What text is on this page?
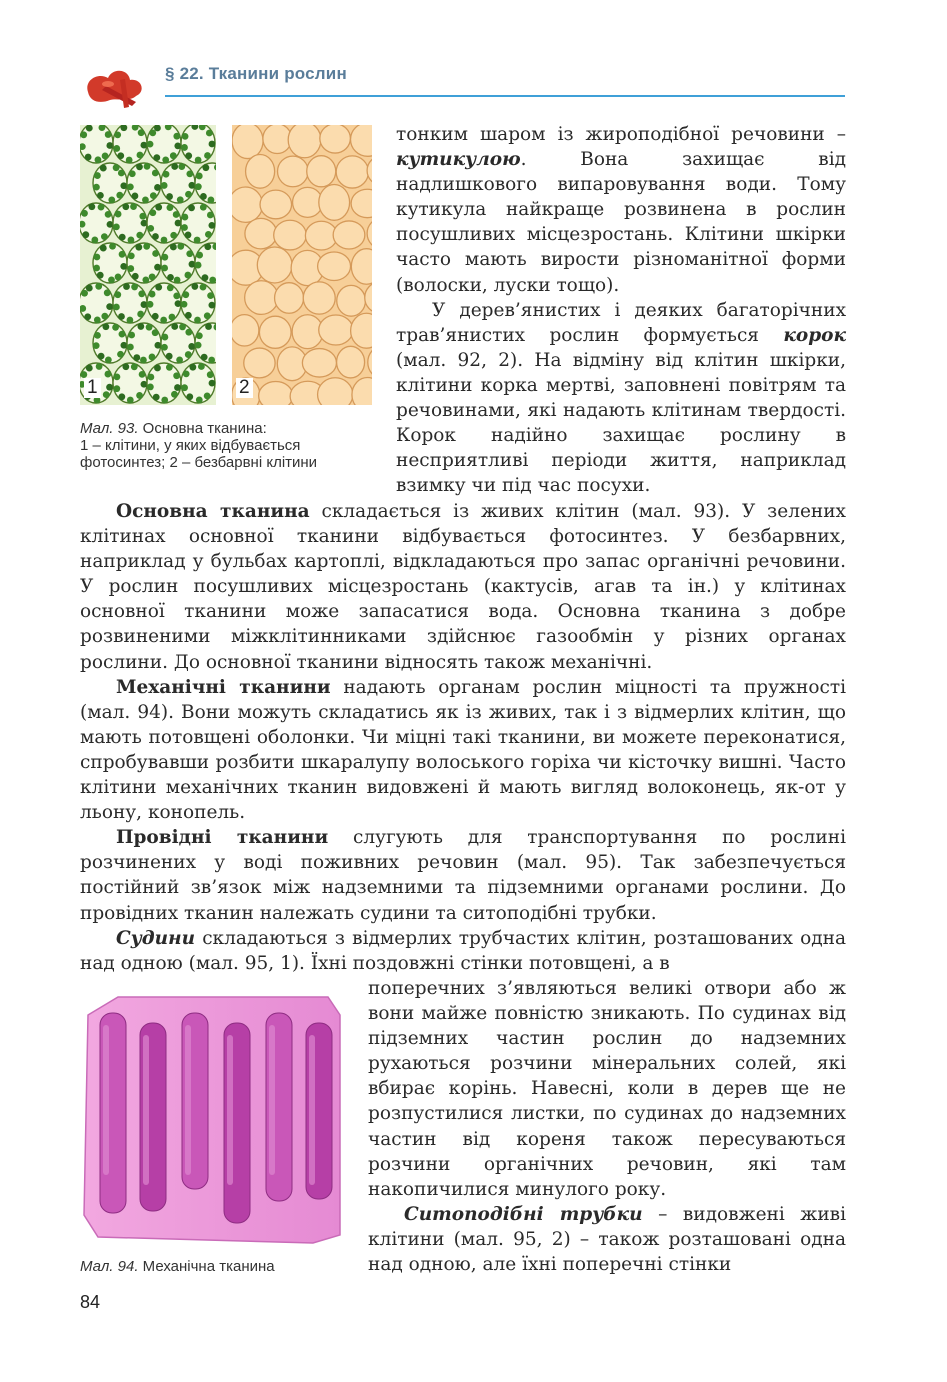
§ 22. Тканини рослин
1	2
Мал. 93. Основна тканина:
1 – клітини, у яких відбувається
фотосинтез; 2 – безбарвні клітини

тонким шаром із жироподібної речовини – кутикулою. Вона захищає від надлишкового випаровування води. Тому кутикула найкраще розвинена в рослин посушливих місцезростань. Клітини шкірки часто мають вирости різноманітної форми (волоски, луски тощо).

У дерев’янистих і деяких багаторічних трав’янистих рослин формується корок (мал. 92, 2). На відміну від клітин шкірки, клітини корка мертві, заповнені повітрям та речовинами, які надають клітинам твердості. Корок надійно захищає рослину в несприятливі періоди життя, наприклад взимку чи під час посухи.

Основна тканина складається із живих клітин (мал. 93). У зелених клітинах основної тканини відбувається фотосинтез. У безбарвних, наприклад у бульбах картоплі, відкладаються про запас органічні речовини. У рослин посушливих місцезростань (кактусів, агав та ін.) у клітинах основної тканини може запасатися вода. Основна тканина з добре розвиненими міжклітинниками здійснює газообмін у різних органах рослини. До основної тканини відносять також механічні.

Механічні тканини надають органам рослин міцності та пружності (мал. 94). Вони можуть складатись як із живих, так і з відмерлих клітин, що мають потовщені оболонки. Чи міцні такі тканини, ви можете переконатися, спробувавши розбити шкаралупу волоського горіха чи кісточку вишні. Часто клітини механічних тканин видовжені й мають вигляд волоконець, як-от у льону, конопель.

Провідні тканини слугують для транспортування по рослині розчинених у воді поживних речовин (мал. 95). Так забезпечується постійний зв’язок між надземними та підземними органами рослини. До провідних тканин належать судини та ситоподібні трубки.

Судини складаються з відмерлих трубчастих клітин, розташованих одна над одною (мал. 95, 1). Їхні поздовжні стінки потовщені, а в

Мал. 94. Механічна тканина

поперечних з’являються великі отвори або ж вони майже повністю зникають. По судинах від підземних частин рослин до надземних рухаються розчини мінеральних солей, які вбирає корінь. Навесні, коли в дерев ще не розпустилися листки, по судинах до надземних частин від кореня також пересуваються розчини органічних речовин, які там накопичилися минулого року.

Ситоподібні трубки – видовжені живі клітини (мал. 95, 2) – також розташовані одна над одною, але їхні поперечні стінки

84
